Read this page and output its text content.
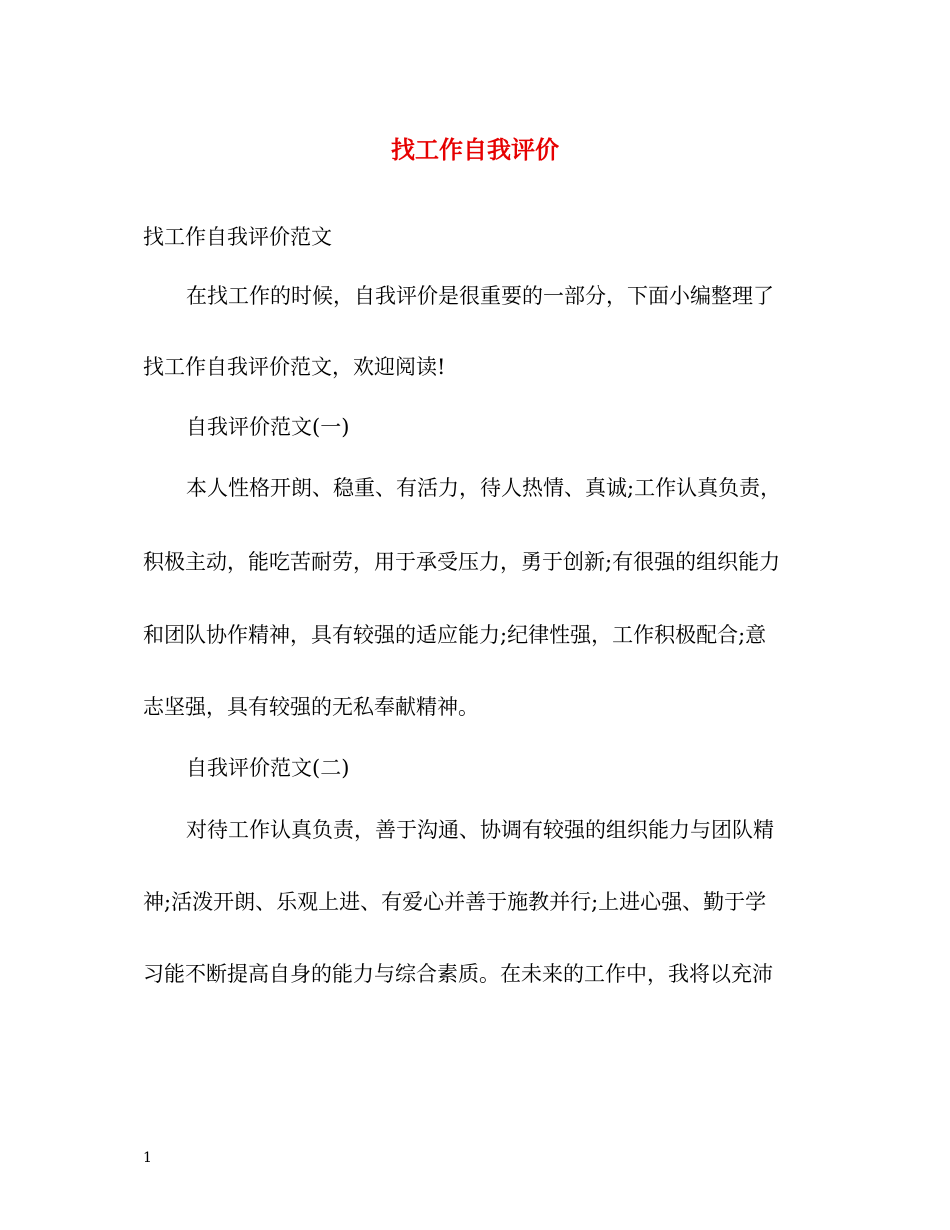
找工作自我评价

找工作自我评价范文

在找工作的时候，自我评价是很重要的一部分，下面小编整理了

找工作自我评价范文，欢迎阅读!

自我评价范文(一)

本人性格开朗、稳重、有活力，待人热情、真诚;工作认真负责，

积极主动，能吃苦耐劳，用于承受压力，勇于创新;有很强的组织能力

和团队协作精神，具有较强的适应能力;纪律性强，工作积极配合;意

志坚强，具有较强的无私奉献精神。

自我评价范文(二)

对待工作认真负责，善于沟通、协调有较强的组织能力与团队精

神;活泼开朗、乐观上进、有爱心并善于施教并行;上进心强、勤于学

习能不断提高自身的能力与综合素质。在未来的工作中，我将以充沛

1
